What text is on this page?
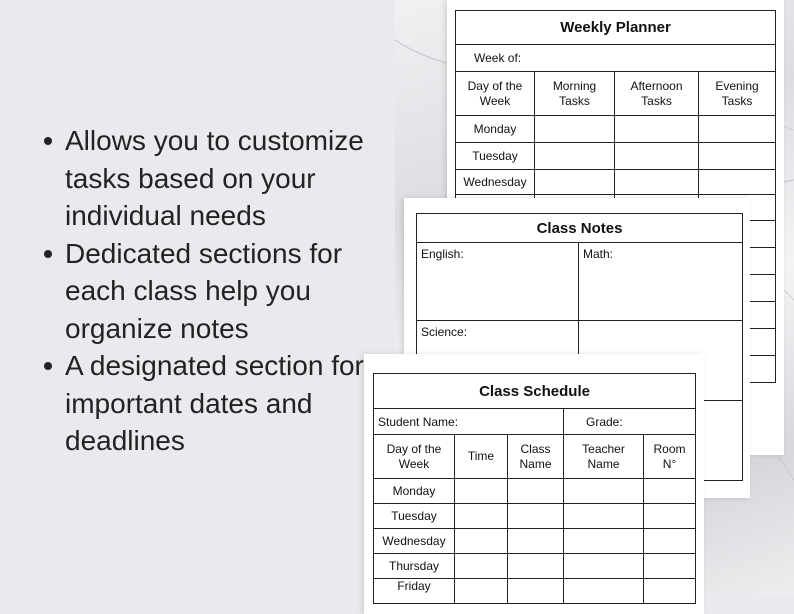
Allows you to customize tasks based on your individual needs
Dedicated sections for each class help you organize notes
A designated section for important dates and deadlines
Weekly Planner			
Week of:			
Day of the Week	Morning Tasks	Afternoon Tasks	Evening Tasks
Monday			
Tuesday			
Wednesday			

Class Notes	
English:	Math:
Science:	

Class Schedule				
Student Name:			Grade:	
Day of the Week	Time	Class Name	Teacher Name	Room N°
Monday				
Tuesday				
Wednesday				
Thursday				
Friday				
